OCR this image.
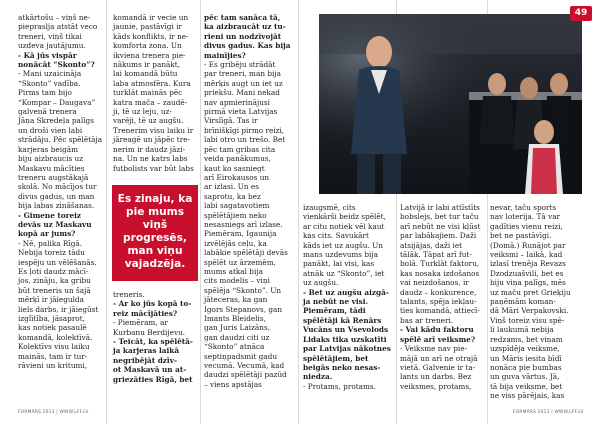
atkārtošu – viņš ne-

piepraslja atstāt veco

treneri, viņš tikai

uzdeva jautājumu.

- Kā jūs vispār

nonācāt “Skonto”?

- Mani uzaicināja

“Skonto” vadība.

Pirms tam bijo

“Kompar – Daugava”

galvenā trenera

Jāņa Skredeļa palīgs

un droši vien labi

strādāju. Pēc spēlētāja

karjeras beigām

biju aizbraucis uz

Maskavu mācīties

treneru augstākajā

skolā. No mācījos tur

divus gadus, un man

bija labas zināšanas.

- Gimene toreiz

devās uz Maskavu

kopā ar jums?

- Nē, palika Rīgā.

Nebija toreiz tādu

iespēju un vēlēšanās.

Es ļoti daudz mācī-

jos, zināju, ka gribu

būt treneris un šajā

mērķī ir jāiegulda

liels darbs, ir jāiegūst

izglītība, jāsaprot,

kas notiek pasaulē

komandā, kolektīvā.

Kolektīvs visu laiku

mainās, tam ir tur-

rāvieni un kritumi,

komandā ir vecie un

jaunie, pastāvīgi ir

kāds konflikts, ir ne-

komforta zona. Un

ikviena trenera pie-

nākums ir panākt,

lai komandā būtu

laba atmosfēra. Kura

turklāt mainās pēc

katra mača – zaudē-

ji, tē uz leju, uz-

varēji, tē uz augšu.

Trenerim visu laiku ir

jāreaģē un jāpēc tre-

nerim ir daudz jāzi-

na. Un ne katrs labs

futbolists var būt labs

Es zinaju, ka
pie mums viņš
progresēs,
man viņu
vajadzēja.

treneris.

- Ar ko jūs kopā to-

reiz mācījāties?

- Piemēram, ar

Kurbanu Berdijevu.

- Teicāt, ka spēlētā-

ja karjeras laikā

negribējāt dzīv-

ot Maskavā un at-

griezāties Rīgā, bet

pēc tam sanāca tā,

ka aizbraucāt uz tu-

rieni un nodzīvojāt

divus gadus. Kas bija

mainījies?

- Es gribēju strādāt

par treneri, man bija

mērķis augt un iet uz

priekšu. Mani nekad

nav apmierinājusi

pirmā vieta Latvijas

Virslīgā. Tas ir

brīnišķīgi pirmo reizi,

labi otro un trešo. Bet

pēc tam gribas cita

veida panākumus,

kaut ko sasniegt

arī Eirokausos un

ar izlasi. Un es

saprotu, ka bez

labi sagatavotiem

spēlētājiem neko

nesasniegs arī izlase.

Piemēram, Igaunija

izvēlējās ceļu, ka

labākie spēlētāji devās

spēlēt uz ārzemēm,

mums atkal bija

cits modelis – viņi

spēlēja “Skonto”. Un

jāteceras, ka gan

Igors Stepanovs, gan

Imants Bleidelis,

gan Juris Laizāns,

gan daudzi citi uz

“Skonto” atnāca

septiņpadsmit gadu

vecumā. Vecumā, kad

daudzi spēlētāji pazūd

– viens apstājas

FOTO: Zigismunds Zālmanis
49

izaugsmē, cits

vienkārši beidz spēlēt,

ar citu notiek vēl kaut

kas cits. Savukārt

kāds iet uz augšu. Un

mans uzdevums bija

panākt, lai visi, kas

atnāk uz “Skonto”, iet

uz augšu.

- Bet uz augšu aizgā-

ja nebūt ne visi.

Piemēram, tādi

spēlētāji kā Renārs

Vucāns un Vsevolods

Lidaks tika uzskatīti

par Latvijas nākotnes

spēlētājiem, bet

beigās neko nesas-

niedza.

- Protams, protams.

Latvijā ir labi attīstīts

bobslejs, bet tur taču

arī nebūt ne visi kļūst

par labākajiem. Daži

atsijājas, daži iet

tālāk. Tāpat arī fut-

bolā. Turklāt faktoru,

kas nosaka izdošanos

vai neizdošanos, ir

daudz – konkurence,

talants, spēja iekļau-

ties komandā, attiecī-

bas ar treneri.

- Vai kādu faktoru

spēlē arī veiksme?

- Veiksme nav pie-

mājā un arī ne otrajā

vietā. Galvenie ir ta-

lants un darbs. Bez

veiksmes, protams,

nevar, taču sports

nav loterija. Tā var

gadīties vienu reizi,

bet ne pastāvīgi.

(Domā.) Runājot par

veiksmi – laikā, kad

izlasī trenēja Revazs

Dzodzuašvili, bet es

biju viņa palīgs, mēs

uz maču pret Grieķiju

paņēmām koman-

dā Māri Verpakovski.

Viņš toreiz visu spē-

li laukumā nebija

redzams, bet viņam

uzspīdēja veiksme,

un Māris iesita bīdī

nonāca pie bumbas

un guva vārtus. Jā,

tā bija veiksme, bet

ne viss pārējais, kas

FORMĀRS 2013 | WWW.LFF.LV	FORMĀRS 2013 | WWW.LFF.LV
